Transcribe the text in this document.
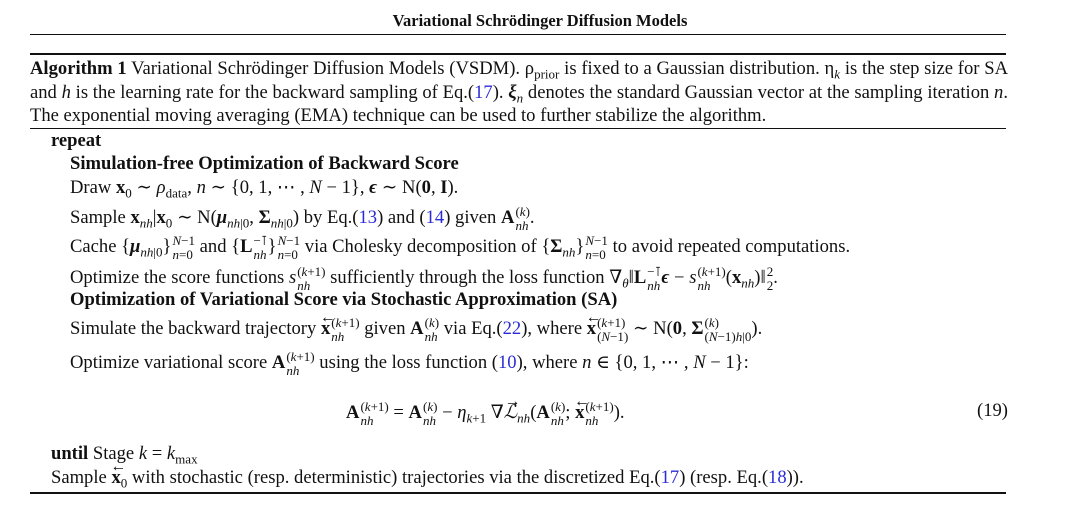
Variational Schrödinger Diffusion Models
Algorithm 1 Variational Schrödinger Diffusion Models (VSDM). $\rho_{prior}$ is fixed to a Gaussian distribution. $\eta_k$ is the step size for SA and h is the learning rate for the backward sampling of Eq.(17). $\xi_n$ denotes the standard Gaussian vector at the sampling iteration n. The exponential moving averaging (EMA) technique can be used to further stabilize the algorithm.
repeat
Simulation-free Optimization of Backward Score
Draw $x_0$ ∼ $\rho_{data}$, n ∼ {0, 1, ⋯ , N − 1}, ϵ ∼ N(0, I).
Sample $x_{nh}|x_0$ ∼ $N(\mu_{nh|0}$, $\Sigma_{nh|0}$) by Eq.(13) and (14) given A (k)
nh .
Cache $\{\mu_{nh|0}\}$ N−1
n=0 and {L −⊺
nh } N−1
n=0 via Cholesky decomposition of $\{\Sigma_{nh}\}$ N−1
n=0 to avoid repeated computations.
Optimize the score functions s (k+1)
nh	sufficiently through the loss function $\nabla_\theta‖L$ −⊺
nh ϵ − s (k+1)
nh $(x_{nh})‖$ 2
2 .
Optimization of Variational Score via Stochastic Approximation (SA)
Simulate the backward trajectory ← x (k+1)
nh	given A (k)
nh via Eq.(22), where ← x (k+1)
(N−1) ∼ N(0, Σ (k)
(N−1)h|0 ).
Optimize variational score A (k+1)
nh	using the loss function (10), where n ∈ {0, 1, ⋯ , N − 1}:
A (k+1)
nh = A (k)
nh − $\eta_{k+1}$ ∇→ ℒ$_{nh}$(A (k)
nh ; ← x (k+1)
nh ).	(19)
until Stage $k = k_{max}$
Sample ← $x_0$ with stochastic (resp. deterministic) trajectories via the discretized Eq.(17) (resp. Eq.(18)).
